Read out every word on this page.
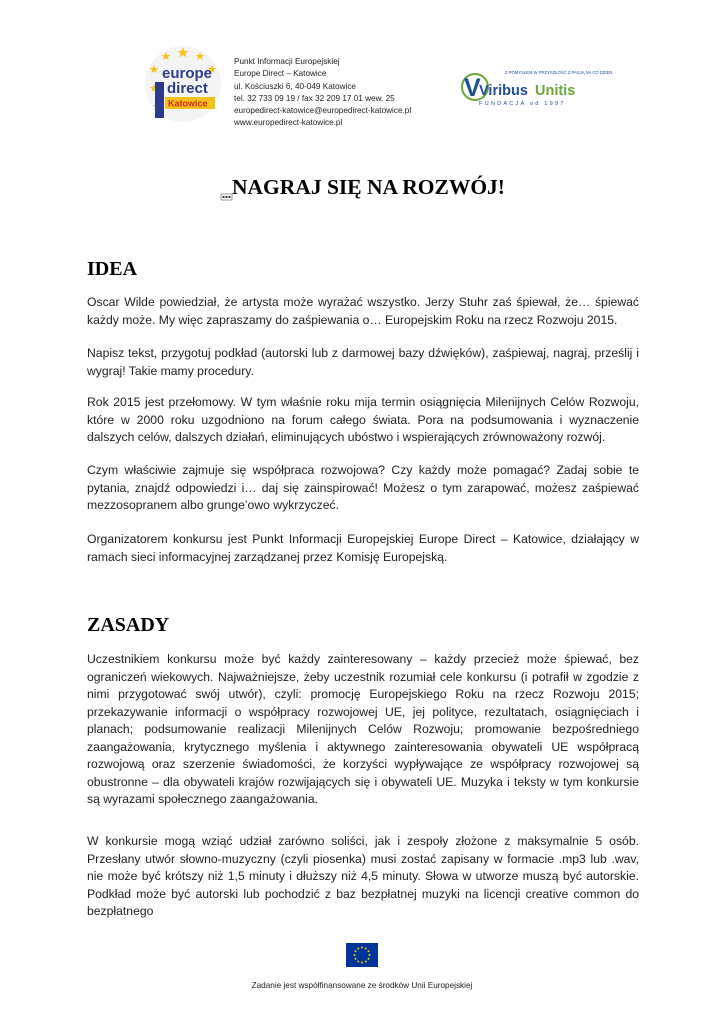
europe
direct
Katowice
Punkt Informacji Europejskiej
Europe Direct – Katowice
ul. Kościuszki 6, 40-049 Katowice
tel. 32 733 09 19 / fax 32 209 17 01 wew. 25
europedirect-katowice@europedirect-katowice.pl
www.europedirect-katowice.pl
V
Z POMYSŁEM W PRZYSZŁOŚĆ Z PASJĄ NA CO DZIEŃ
Viribus Unitis
FUNDACJA od 1997
NAGRAJ SIĘ NA ROZWÓJ!
IDEA

Oscar Wilde powiedział, że artysta może wyrażać wszystko. Jerzy Stuhr zaś śpiewał, że… śpiewać każdy może. My więc zapraszamy do zaśpiewania o… Europejskim Roku na rzecz Rozwoju 2015.

Napisz tekst, przygotuj podkład (autorski lub z darmowej bazy dźwięków), zaśpiewaj, nagraj, prześlij i wygraj! Takie mamy procedury.

Rok 2015 jest przełomowy. W tym właśnie roku mija termin osiągnięcia Milenijnych Celów Rozwoju, które w 2000 roku uzgodniono na forum całego świata. Pora na podsumowania i wyznaczenie dalszych celów, dalszych działań, eliminujących ubóstwo i wspierających zrównoważony rozwój.

Czym właściwie zajmuje się współpraca rozwojowa? Czy każdy może pomagać? Zadaj sobie te pytania, znajdź odpowiedzi i… daj się zainspirować! Możesz o tym zarapować, możesz zaśpiewać mezzosopranem albo grunge’owo wykrzyczeć.

Organizatorem konkursu jest Punkt Informacji Europejskiej Europe Direct – Katowice, działający w ramach sieci informacyjnej zarządzanej przez Komisję Europejską.

ZASADY

Uczestnikiem konkursu może być każdy zainteresowany – każdy przecież może śpiewać, bez ograniczeń wiekowych. Najważniejsze, żeby uczestnik rozumiał cele konkursu (i potrafił w zgodzie z nimi przygotować swój utwór), czyli: promocję Europejskiego Roku na rzecz Rozwoju 2015; przekazywanie informacji o współpracy rozwojowej UE, jej polityce, rezultatach, osiągnięciach i planach; podsumowanie realizacji Milenijnych Celów Rozwoju; promowanie bezpośredniego zaangażowania, krytycznego myślenia i aktywnego zainteresowania obywateli UE współpracą rozwojową oraz szerzenie świadomości, że korzyści wypływające ze współpracy rozwojowej są obustronne – dla obywateli krajów rozwijających się i obywateli UE. Muzyka i teksty w tym konkursie są wyrazami społecznego zaangażowania.

W konkursie mogą wziąć udział zarówno soliści, jak i zespoły złożone z maksymalnie 5 osób. Przesłany utwór słowno-muzyczny (czyli piosenka) musi zostać zapisany w formacie .mp3 lub .wav, nie może być krótszy niż 1,5 minuty i dłuższy niż 4,5 minuty. Słowa w utworze muszą być autorskie. Podkład może być autorski lub pochodzić z baz bezpłatnej muzyki na licencji creative common do bezpłatnego

Zadanie jest współfinansowane ze środków Unii Europejskiej
